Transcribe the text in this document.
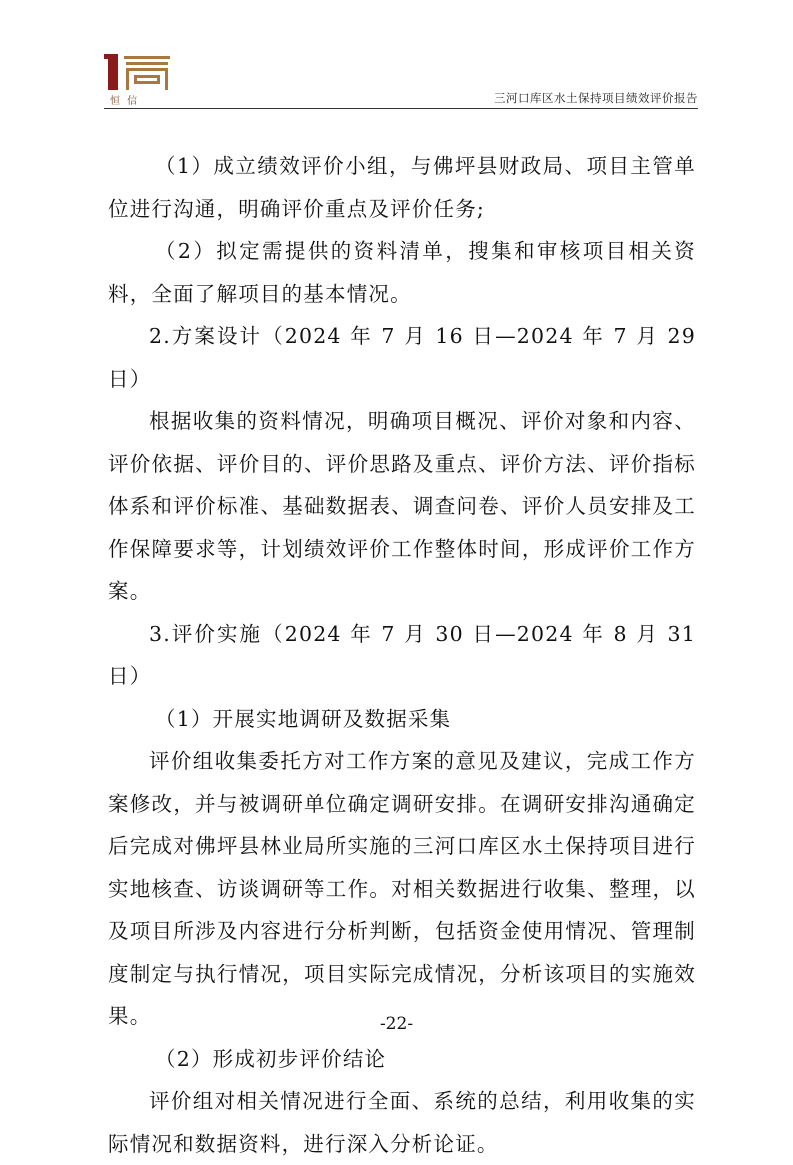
恒 信	三河口库区水土保持项目绩效评价报告

（1）成立绩效评价小组，与佛坪县财政局、项目主管单位进行沟通，明确评价重点及评价任务;

（2）拟定需提供的资料清单，搜集和审核项目相关资料，全面了解项目的基本情况。

2.方案设计（2024 年 7 月 16 日—2024 年 7 月 29 日）

根据收集的资料情况，明确项目概况、评价对象和内容、评价依据、评价目的、评价思路及重点、评价方法、评价指标体系和评价标准、基础数据表、调查问卷、评价人员安排及工作保障要求等，计划绩效评价工作整体时间，形成评价工作方案。

3.评价实施（2024 年 7 月 30 日—2024 年 8 月 31 日）

（1）开展实地调研及数据采集

评价组收集委托方对工作方案的意见及建议，完成工作方案修改，并与被调研单位确定调研安排。在调研安排沟通确定后完成对佛坪县林业局所实施的三河口库区水土保持项目进行实地核查、访谈调研等工作。对相关数据进行收集、整理，以及项目所涉及内容进行分析判断，包括资金使用情况、管理制度制定与执行情况，项目实际完成情况，分析该项目的实施效果。

（2）形成初步评价结论

评价组对相关情况进行全面、系统的总结，利用收集的实际情况和数据资料，进行深入分析论证。

-22-
